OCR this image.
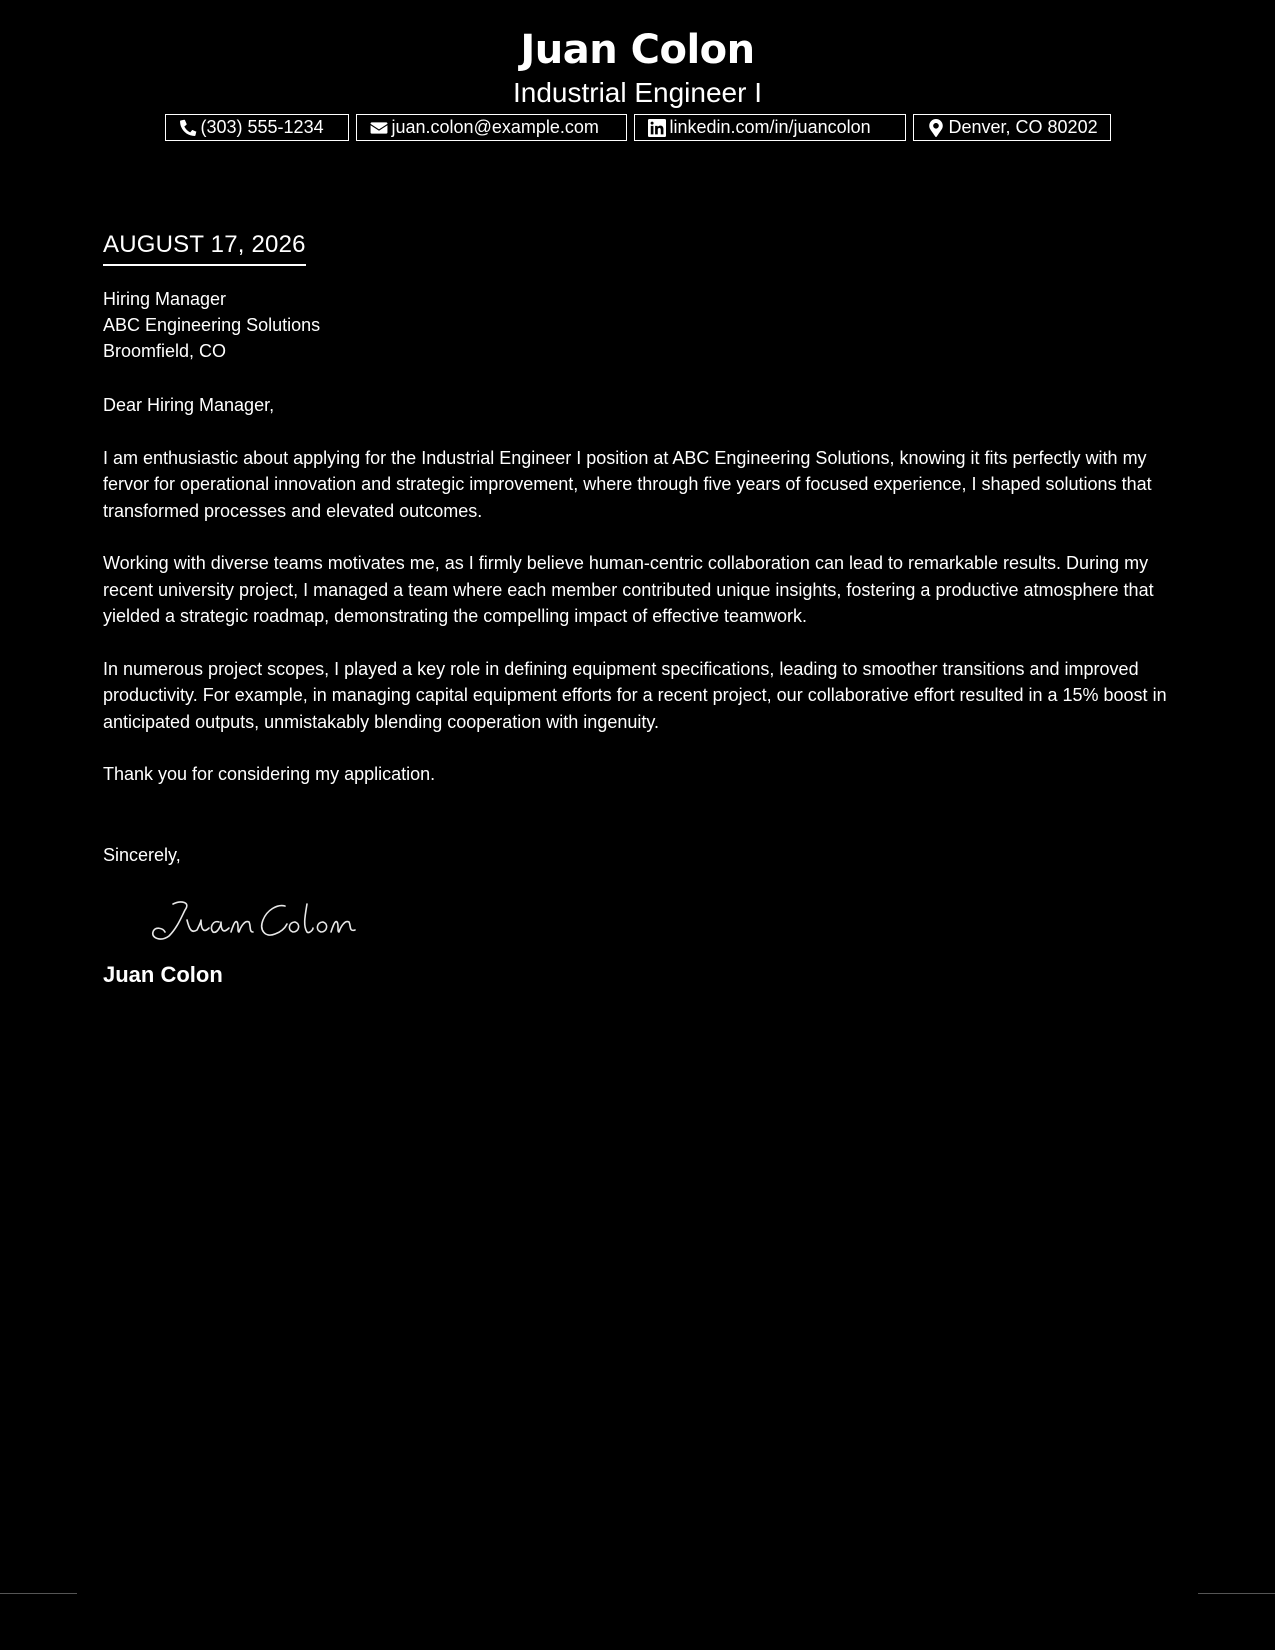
Juan Colon
Industrial Engineer I
(303) 555-1234	juan.colon@example.com	linkedin.com/in/juancolon	Denver, CO 80202
AUGUST 17, 2026
Hiring Manager
ABC Engineering Solutions
Broomfield, CO
Dear Hiring Manager,
I am enthusiastic about applying for the Industrial Engineer I position at ABC Engineering Solutions, knowing it fits perfectly with my fervor for operational innovation and strategic improvement, where through five years of focused experience, I shaped solutions that transformed processes and elevated outcomes.
Working with diverse teams motivates me, as I firmly believe human-centric collaboration can lead to remarkable results. During my recent university project, I managed a team where each member contributed unique insights, fostering a productive atmosphere that yielded a strategic roadmap, demonstrating the compelling impact of effective teamwork.
In numerous project scopes, I played a key role in defining equipment specifications, leading to smoother transitions and improved productivity. For example, in managing capital equipment efforts for a recent project, our collaborative effort resulted in a 15% boost in anticipated outputs, unmistakably blending cooperation with ingenuity.
Thank you for considering my application.
Sincerely,
Juan Colon
